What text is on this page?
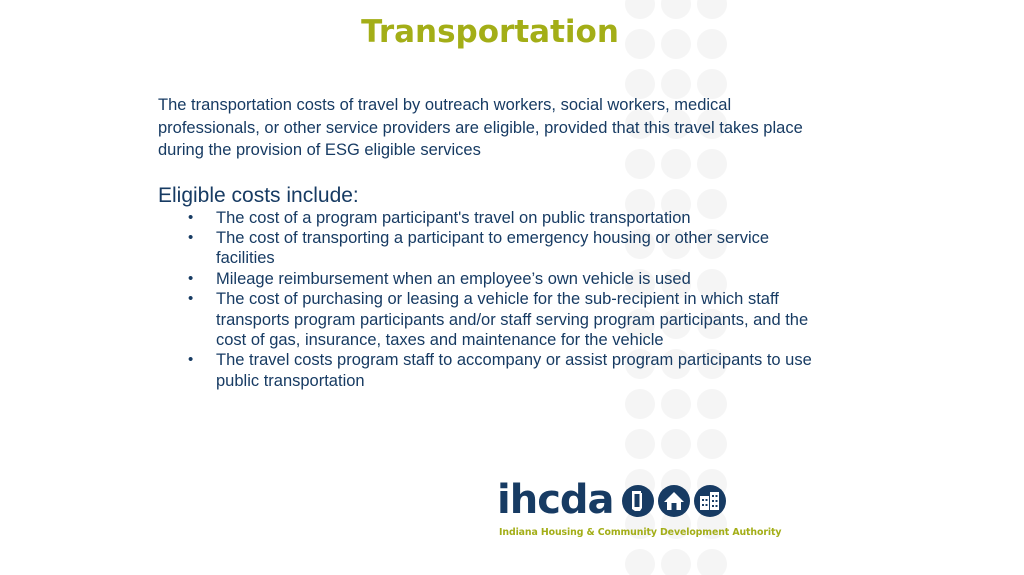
Transportation

The transportation costs of travel by outreach workers, social workers, medical
professionals, or other service providers are eligible, provided that this travel takes place
during the provision of ESG eligible services

Eligible costs include:

• The cost of a program participant's travel on public transportation
• The cost of transporting a participant to emergency housing or other service
facilities
• Mileage reimbursement when an employee’s own vehicle is used
• The cost of purchasing or leasing a vehicle for the sub-recipient in which staff
transports program participants and/or staff serving program participants, and the
cost of gas, insurance, taxes and maintenance for the vehicle
• The travel costs program staff to accompany or assist program participants to use
public transportation
ihcda
Indiana Housing & Community Development Authority
